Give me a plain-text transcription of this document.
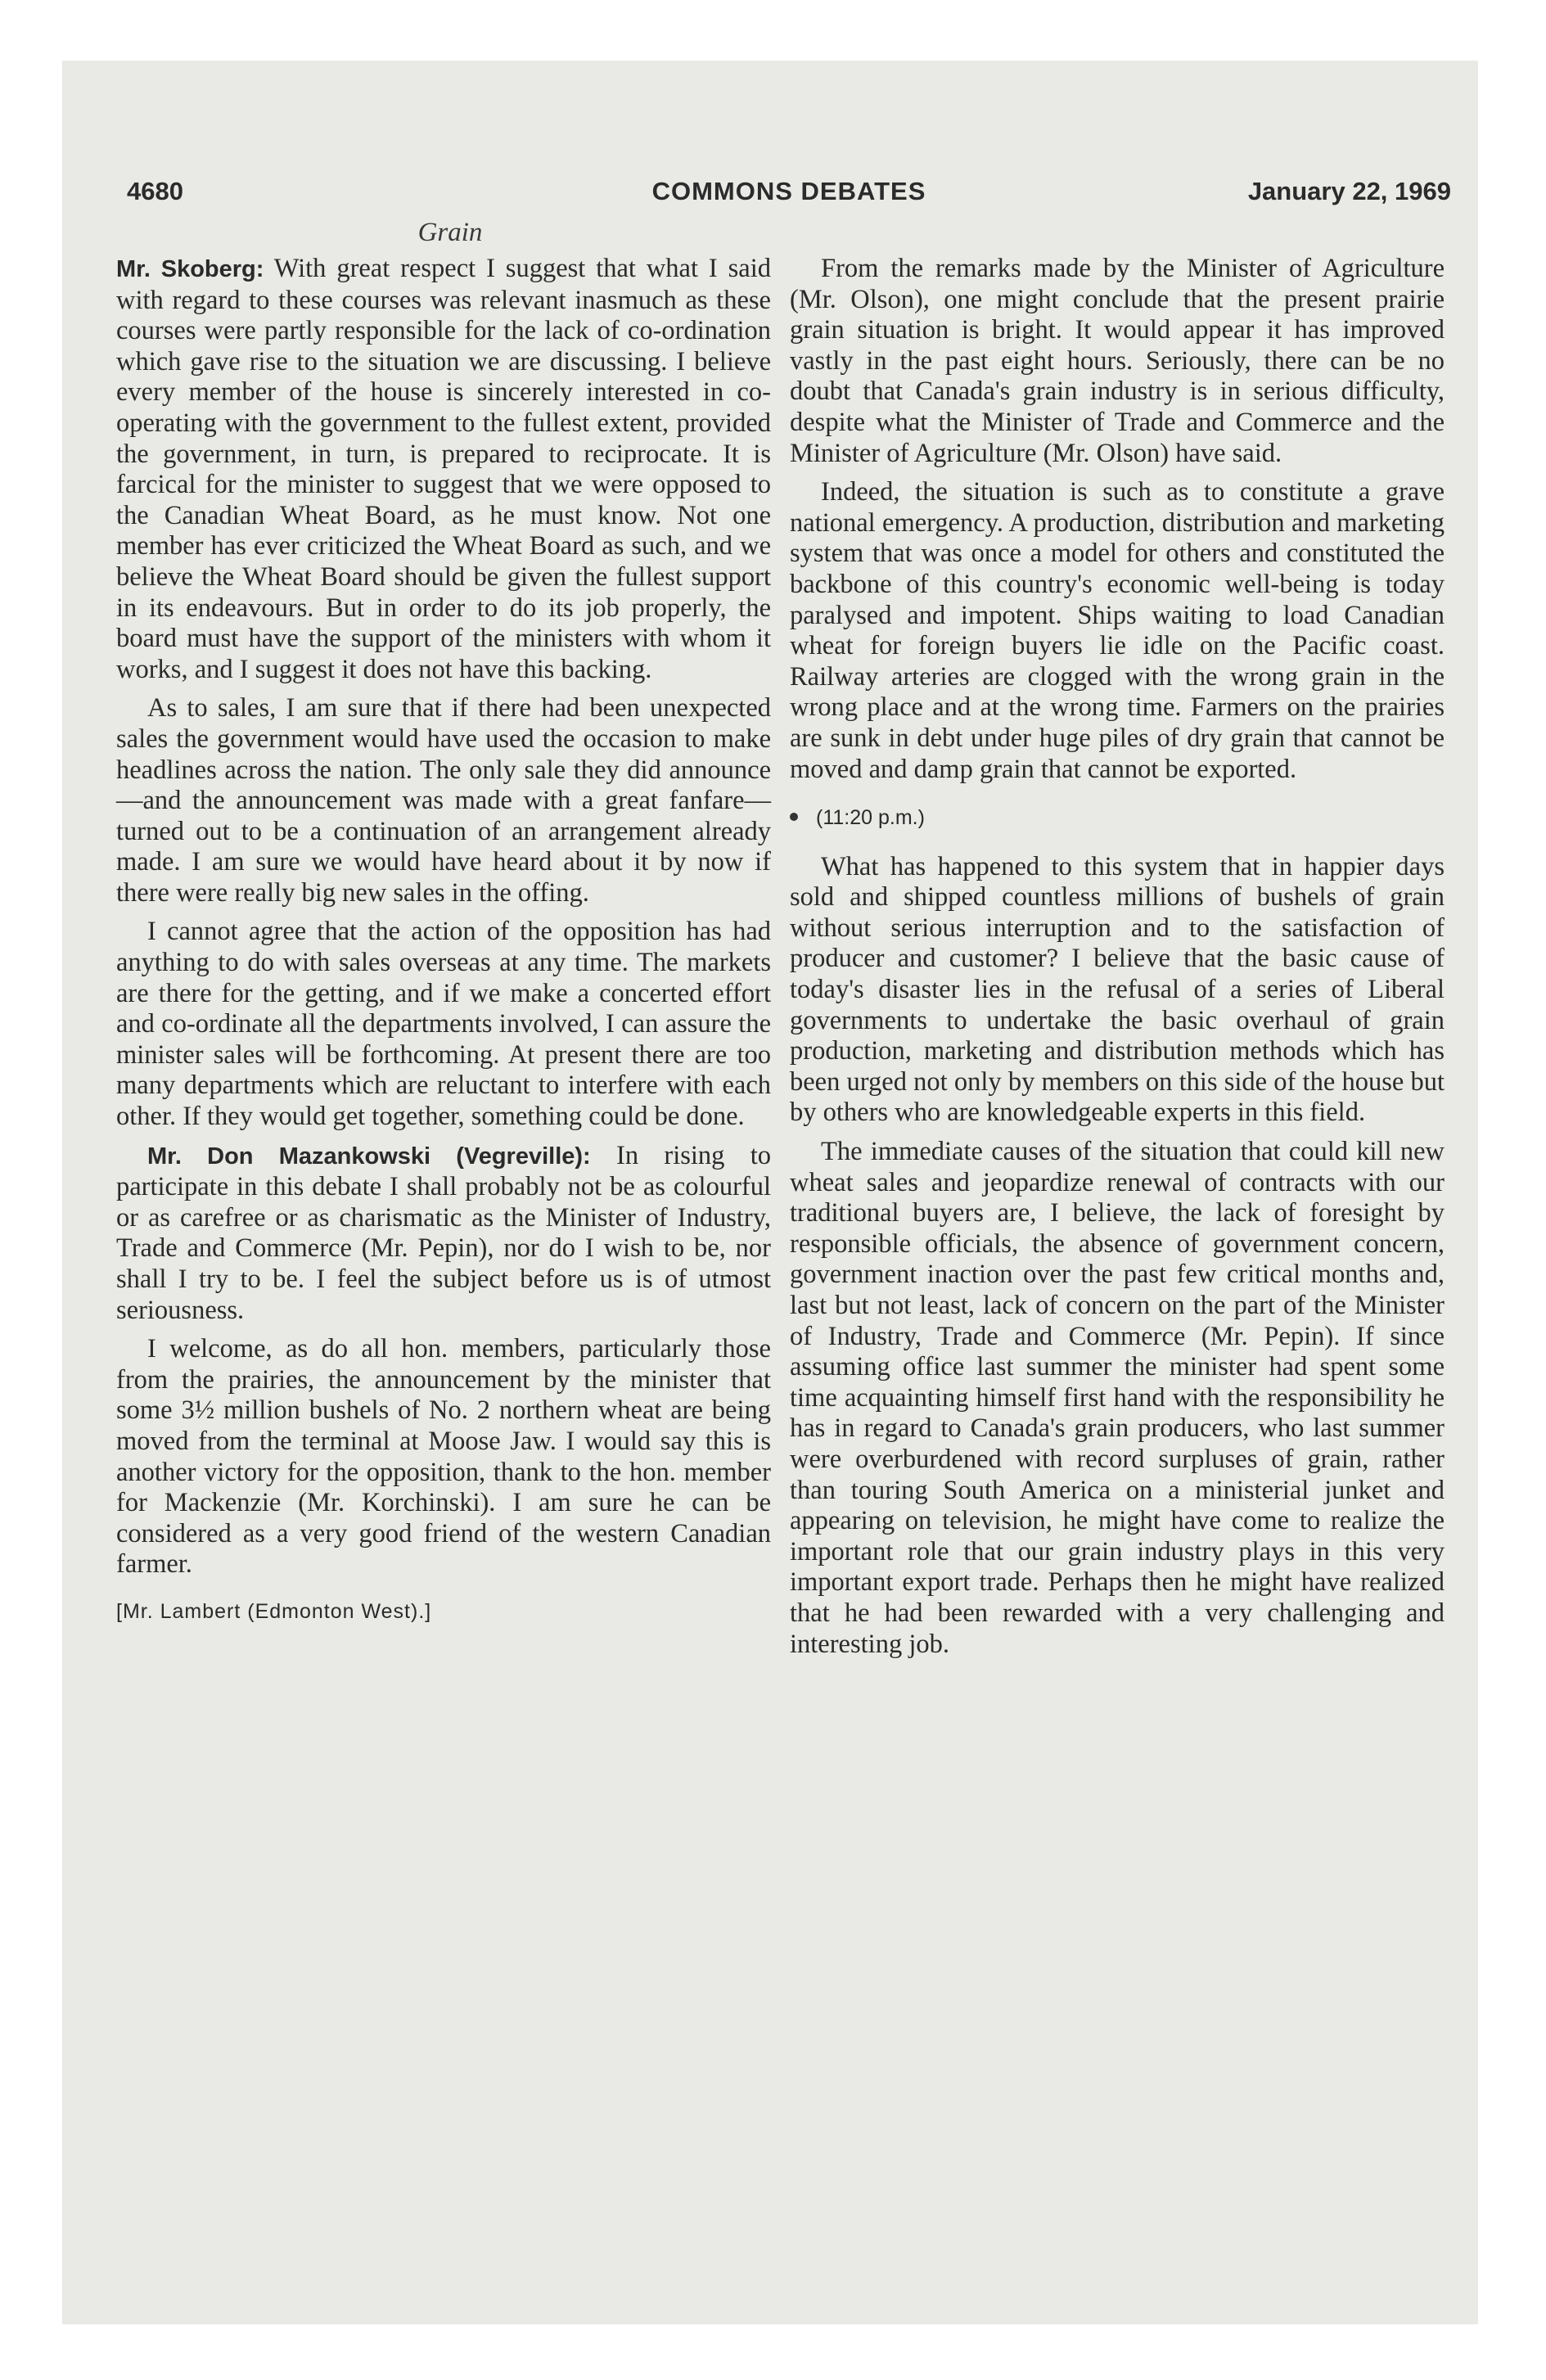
4680	COMMONS DEBATES	January 22, 1969
Grain

Mr. Skoberg: With great respect I suggest that what I said with regard to these courses was relevant inasmuch as these courses were partly responsible for the lack of co-ordination which gave rise to the situation we are discussing. I believe every member of the house is sincerely interested in co-operating with the government to the fullest extent, provided the government, in turn, is prepared to reciprocate. It is farcical for the minister to suggest that we were opposed to the Canadian Wheat Board, as he must know. Not one member has ever criticized the Wheat Board as such, and we believe the Wheat Board should be given the fullest support in its endeavours. But in order to do its job properly, the board must have the support of the ministers with whom it works, and I suggest it does not have this backing.

As to sales, I am sure that if there had been unexpected sales the government would have used the occasion to make headlines across the nation. The only sale they did announce—and the announcement was made with a great fanfare—turned out to be a continuation of an arrangement already made. I am sure we would have heard about it by now if there were really big new sales in the offing.

I cannot agree that the action of the opposition has had anything to do with sales overseas at any time. The markets are there for the getting, and if we make a concerted effort and co-ordinate all the departments involved, I can assure the minister sales will be forthcoming. At present there are too many departments which are reluctant to interfere with each other. If they would get together, something could be done.

Mr. Don Mazankowski (Vegreville): In rising to participate in this debate I shall probably not be as colourful or as carefree or as charismatic as the Minister of Industry, Trade and Commerce (Mr. Pepin), nor do I wish to be, nor shall I try to be. I feel the subject before us is of utmost seriousness.

I welcome, as do all hon. members, particularly those from the prairies, the announcement by the minister that some 3½ million bushels of No. 2 northern wheat are being moved from the terminal at Moose Jaw. I would say this is another victory for the opposition, thank to the hon. member for Mackenzie (Mr. Korchinski). I am sure he can be considered as a very good friend of the western Canadian farmer.

[Mr. Lambert (Edmonton West).]

From the remarks made by the Minister of Agriculture (Mr. Olson), one might conclude that the present prairie grain situation is bright. It would appear it has improved vastly in the past eight hours. Seriously, there can be no doubt that Canada's grain industry is in serious difficulty, despite what the Minister of Trade and Commerce and the Minister of Agriculture (Mr. Olson) have said.

Indeed, the situation is such as to constitute a grave national emergency. A production, distribution and marketing system that was once a model for others and constituted the backbone of this country's economic well-being is today paralysed and impotent. Ships waiting to load Canadian wheat for foreign buyers lie idle on the Pacific coast. Railway arteries are clogged with the wrong grain in the wrong place and at the wrong time. Farmers on the prairies are sunk in debt under huge piles of dry grain that cannot be moved and damp grain that cannot be exported.

(11:20 p.m.)

What has happened to this system that in happier days sold and shipped countless millions of bushels of grain without serious interruption and to the satisfaction of producer and customer? I believe that the basic cause of today's disaster lies in the refusal of a series of Liberal governments to undertake the basic overhaul of grain production, marketing and distribution methods which has been urged not only by members on this side of the house but by others who are knowledgeable experts in this field.

The immediate causes of the situation that could kill new wheat sales and jeopardize renewal of contracts with our traditional buyers are, I believe, the lack of foresight by responsible officials, the absence of government concern, government inaction over the past few critical months and, last but not least, lack of concern on the part of the Minister of Industry, Trade and Commerce (Mr. Pepin). If since assuming office last summer the minister had spent some time acquainting himself first hand with the responsibility he has in regard to Canada's grain producers, who last summer were overburdened with record surpluses of grain, rather than touring South America on a ministerial junket and appearing on television, he might have come to realize the important role that our grain industry plays in this very important export trade. Perhaps then he might have realized that he had been rewarded with a very challenging and interesting job.
